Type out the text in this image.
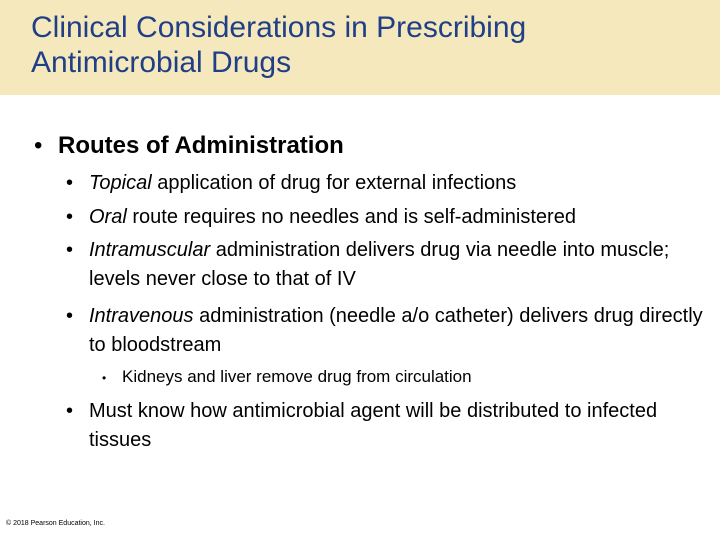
Clinical Considerations in Prescribing
Antimicrobial Drugs
• Routes of Administration
• Topical application of drug for external infections
• Oral route requires no needles and is self-administered
• Intramuscular administration delivers drug via needle into muscle; levels never close to that of IV
• Intravenous administration (needle a/o catheter) delivers drug directly to bloodstream
• Kidneys and liver remove drug from circulation
• Must know how antimicrobial agent will be distributed to infected tissues
© 2018 Pearson Education, Inc.
